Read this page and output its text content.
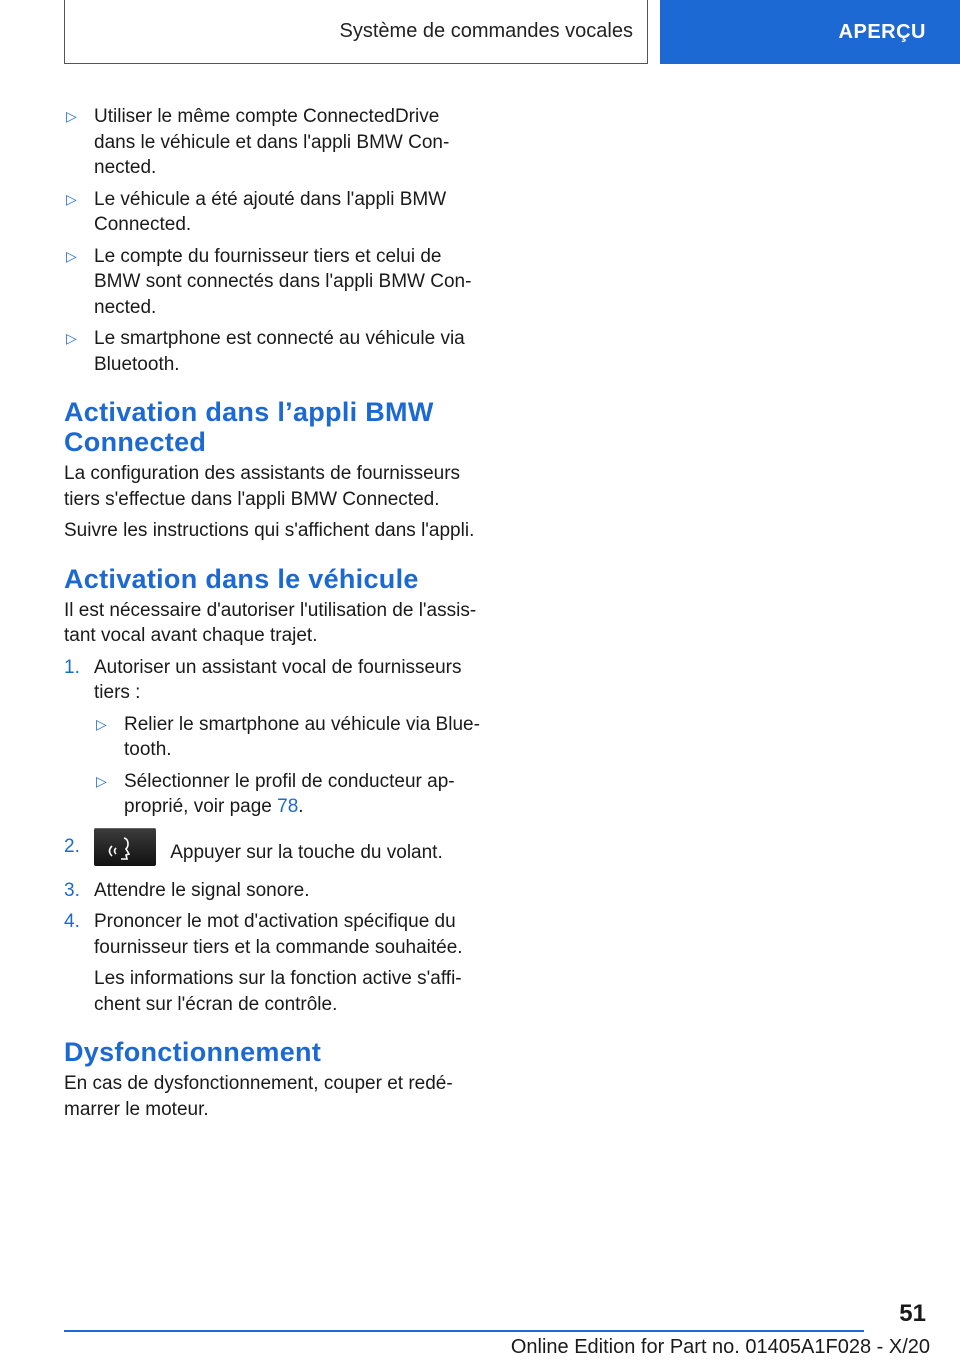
Système de commandes vocales	APERÇU
▷ Utiliser le même compte ConnectedDrive dans le véhicule et dans l'appli BMW Con-nected.
▷ Le véhicule a été ajouté dans l'appli BMW Connected.
▷ Le compte du fournisseur tiers et celui de BMW sont connectés dans l'appli BMW Con-nected.
▷ Le smartphone est connecté au véhicule via Bluetooth.
Activation dans l’appli BMW Connected
La configuration des assistants de fournisseurs tiers s'effectue dans l'appli BMW Connected.
Suivre les instructions qui s'affichent dans l'appli.
Activation dans le véhicule
Il est nécessaire d'autoriser l'utilisation de l'assis-tant vocal avant chaque trajet.
1. Autoriser un assistant vocal de fournisseurs tiers :
▷ Relier le smartphone au véhicule via Blue-tooth.
▷ Sélectionner le profil de conducteur ap-proprié, voir page 78.
2.	Appuyer sur la touche du volant.
3. Attendre le signal sonore.
4. Prononcer le mot d'activation spécifique du fournisseur tiers et la commande souhaitée.
Les informations sur la fonction active s'affi-chent sur l'écran de contrôle.
Dysfonctionnement
En cas de dysfonctionnement, couper et redé-marrer le moteur.
51
Online Edition for Part no. 01405A1F028 - X/20
